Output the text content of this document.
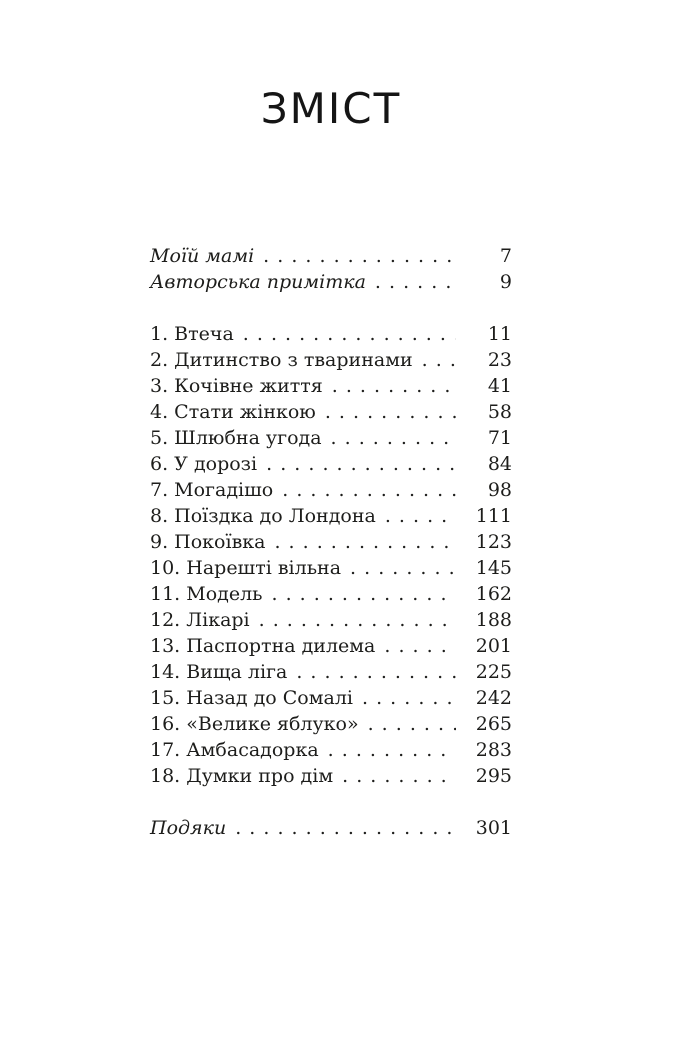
ЗМІСТ
Моїй мамі . . .	7
Авторська примітка . . .	9
1. Втеча . . .	11
2. Дитинство з тваринами . . .	23
3. Кочівне життя . . .	41
4. Стати жінкою . . .	58
5. Шлюбна угода . . .	71
6. У дорозі . . .	84
7. Могадішо . . .	98
8. Поїздка до Лондона . . .	111
9. Покоївка . . .	123
10. Нарешті вільна . . .	145
11. Модель . . .	162
12. Лікарі . . .	188
13. Паспортна дилема . . .	201
14. Вища ліга . . .	225
15. Назад до Сомалі . . .	242
16. «Велике яблуко» . . .	265
17. Амбасадорка . . .	283
18. Думки про дім . . .	295
Подяки . . .	301
